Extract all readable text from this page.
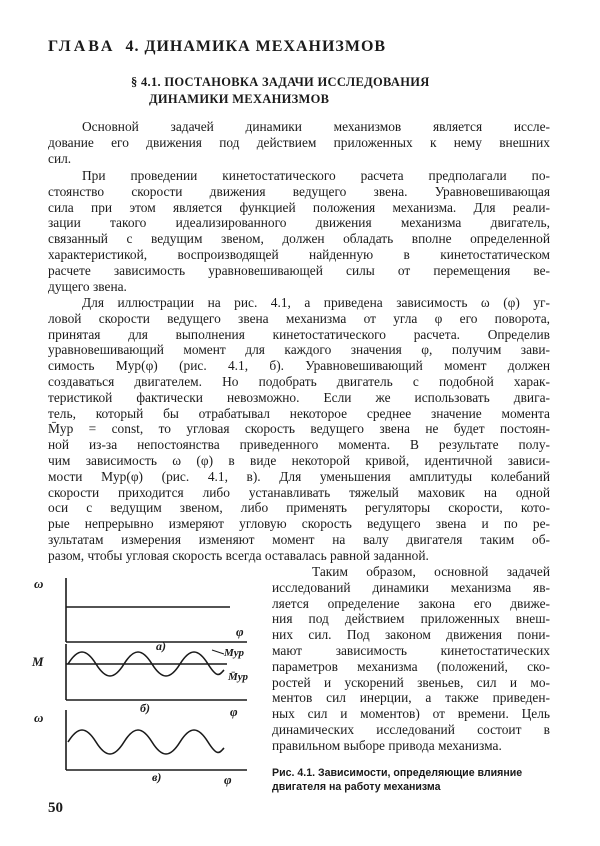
ГЛАВА 4. ДИНАМИКА МЕХАНИЗМОВ
§ 4.1. ПОСТАНОВКА ЗАДАЧИ ИССЛЕДОВАНИЯ
ДИНАМИКИ МЕХАНИЗМОВ
Основной задачей динамики механизмов является иссле-
дование его движения под действием приложенных к нему внешних
сил.
При проведении кинетостатического расчета предполагали по-
стоянство скорости движения ведущего звена. Уравновешивающая
сила при этом является функцией положения механизма. Для реали-
зации такого идеализированного движения механизма двигатель,
связанный с ведущим звеном, должен обладать вполне определенной
характеристикой, воспроизводящей найденную в кинетостатическом
расчете зависимость уравновешивающей силы от перемещения ве-
дущего звена.
Для иллюстрации на рис. 4.1, а приведена зависимость ω (φ) уг-
ловой скорости ведущего звена механизма от угла φ его поворота,
принятая для выполнения кинетостатического расчета. Определив
уравновешивающий момент для каждого значения φ, получим зави-
симость Mур(φ) (рис. 4.1, б). Уравновешивающий момент должен
создаваться двигателем. Но подобрать двигатель с подобной харак-
теристикой фактически невозможно. Если же использовать двига-
тель, который бы отрабатывал некоторое среднее значение момента
M̄ур = const, то угловая скорость ведущего звена не будет постоян-
ной из-за непостоянства приведенного момента. В результате полу-
чим зависимость ω (φ) в виде некоторой кривой, идентичной зависи-
мости Mур(φ) (рис. 4.1, в). Для уменьшения амплитуды колебаний
скорости приходится либо устанавливать тяжелый маховик на одной
оси с ведущим звеном, либо применять регуляторы скорости, кото-
рые непрерывно измеряют угловую скорость ведущего звена и по ре-
зультатам измерения изменяют момент на валу двигателя таким об-
разом, чтобы угловая скорость всегда оставалась равной заданной.
Таким образом, основной задачей
исследований динамики механизма яв-
ляется определение закона его движе-
ния под действием приложенных внеш-
них сил. Под законом движения пони-
мают зависимость кинетостатических
параметров механизма (положений, ско-
ростей и ускорений звеньев, сил и мо-
ментов сил инерции, а также приведен-
ных сил и моментов) от времени. Цель
динамических исследований состоит в
правильном выборе привода механизма.
ω
M
ω
а)
б)
в)
φ
φ
φ
Mур
M̄ур
Рис. 4.1. Зависимости, определяющие влияние
двигателя на работу механизма
50
